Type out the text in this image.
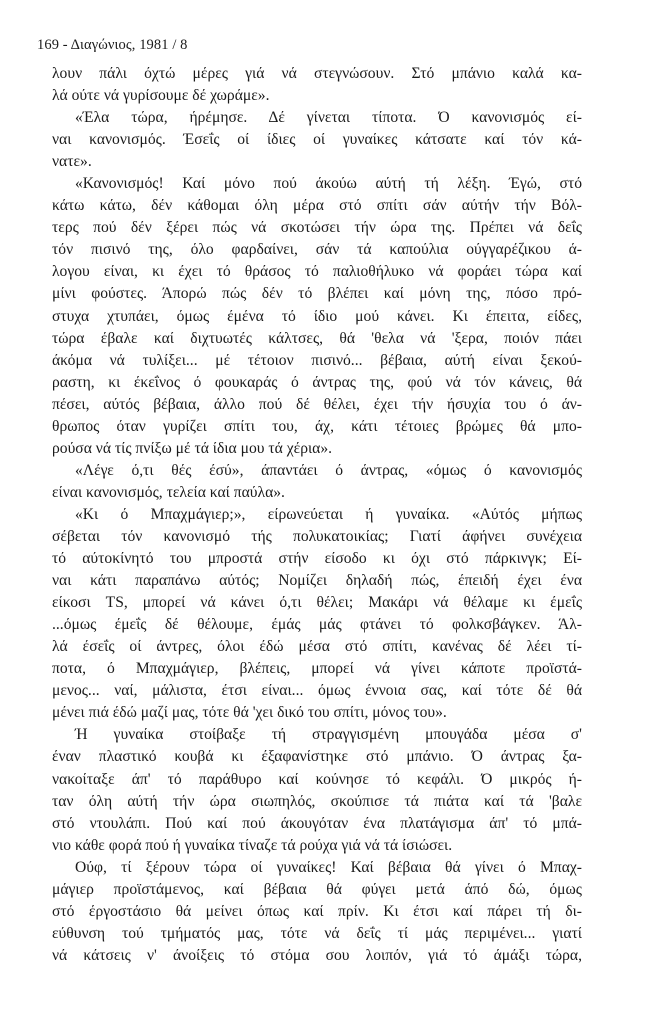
169 - Διαγώνιος, 1981 / 8
λουν πάλι όχτώ μέρες γιά νά στεγνώσουν. Στό μπάνιο καλά κα-
λά ούτε νά γυρίσουμε δέ χωράμε».
«Έλα τώρα, ήρέμησε. Δέ γίνεται τίποτα. Ό κανονισμός εί-
ναι κανονισμός. Έσεΐς οί ίδιες οί γυναίκες κάτσατε καί τόν κά-
νατε».
«Κανονισμός! Καί μόνο πού άκούω αύτή τή λέξη. Έγώ, στό
κάτω κάτω, δέν κάθομαι όλη μέρα στό σπίτι σάν αύτήν τήν Βόλ-
τερς πού δέν ξέρει πώς νά σκοτώσει τήν ώρα της. Πρέπει νά δεΐς
τόν πισινό της, όλο φαρδαίνει, σάν τά καπούλια ούγγαρέζικου ά-
λογου είναι, κι έχει τό θράσος τό παλιοθήλυκο νά φοράει τώρα καί
μίνι φούστες. Άπορώ πώς δέν τό βλέπει καί μόνη της, πόσο πρό-
στυχα χτυπάει, όμως έμένα τό ίδιο μού κάνει. Κι έπειτα, είδες,
τώρα έβαλε καί διχτυωτές κάλτσες, θά 'θελα νά 'ξερα, ποιόν πάει
άκόμα νά τυλίξει... μέ τέτοιον πισινό... βέβαια, αύτή είναι ξεκού-
ραστη, κι έκεΐνος ό φουκαράς ό άντρας της, φού νά τόν κάνεις, θά
πέσει, αύτός βέβαια, άλλο πού δέ θέλει, έχει τήν ήσυχία του ό άν-
θρωπος όταν γυρίζει σπίτι του, άχ, κάτι τέτοιες βρώμες θά μπο-
ρούσα νά τίς πνίξω μέ τά ίδια μου τά χέρια».
«Λέγε ό,τι θές έσύ», άπαντάει ό άντρας, «όμως ό κανονισμός
είναι κανονισμός, τελεία καί παύλα».
«Κι ό Μπαχμάγιερ;», είρωνεύεται ή γυναίκα. «Αύτός μήπως
σέβεται τόν κανονισμό τής πολυκατοικίας; Γιατί άφήνει συνέχεια
τό αύτοκίνητό του μπροστά στήν είσοδο κι όχι στό πάρκινγκ; Εί-
ναι κάτι παραπάνω αύτός; Νομίζει δηλαδή πώς, έπειδή έχει ένα
είκοσι TS, μπορεί νά κάνει ό,τι θέλει; Μακάρι νά θέλαμε κι έμεΐς
...όμως έμεΐς δέ θέλουμε, έμάς μάς φτάνει τό φολκσβάγκεν. Άλ-
λά έσεΐς οί άντρες, όλοι έδώ μέσα στό σπίτι, κανένας δέ λέει τί-
ποτα, ό Μπαχμάγιερ, βλέπεις, μπορεί νά γίνει κάποτε προϊστά-
μενος... ναί, μάλιστα, έτσι είναι... όμως έννοια σας, καί τότε δέ θά
μένει πιά έδώ μαζί μας, τότε θά 'χει δικό του σπίτι, μόνος του».
Ή γυναίκα στοίβαξε τή στραγγισμένη μπουγάδα μέσα σ'
έναν πλαστικό κουβά κι έξαφανίστηκε στό μπάνιο. Ό άντρας ξα-
νακοίταξε άπ' τό παράθυρο καί κούνησε τό κεφάλι. Ό μικρός ή-
ταν όλη αύτή τήν ώρα σιωπηλός, σκούπισε τά πιάτα καί τά 'βαλε
στό ντουλάπι. Πού καί πού άκουγόταν ένα πλατάγισμα άπ' τό μπά-
νιο κάθε φορά πού ή γυναίκα τίναζε τά ρούχα γιά νά τά ίσιώσει.
Ούφ, τί ξέρουν τώρα οί γυναίκες! Καί βέβαια θά γίνει ό Μπαχ-
μάγιερ προϊστάμενος, καί βέβαια θά φύγει μετά άπό δώ, όμως
στό έργοστάσιο θά μείνει όπως καί πρίν. Κι έτσι καί πάρει τή δι-
εύθυνση τού τμήματός μας, τότε νά δεΐς τί μάς περιμένει... γιατί
νά κάτσεις ν' άνοίξεις τό στόμα σου λοιπόν, γιά τό άμάξι τώρα,
